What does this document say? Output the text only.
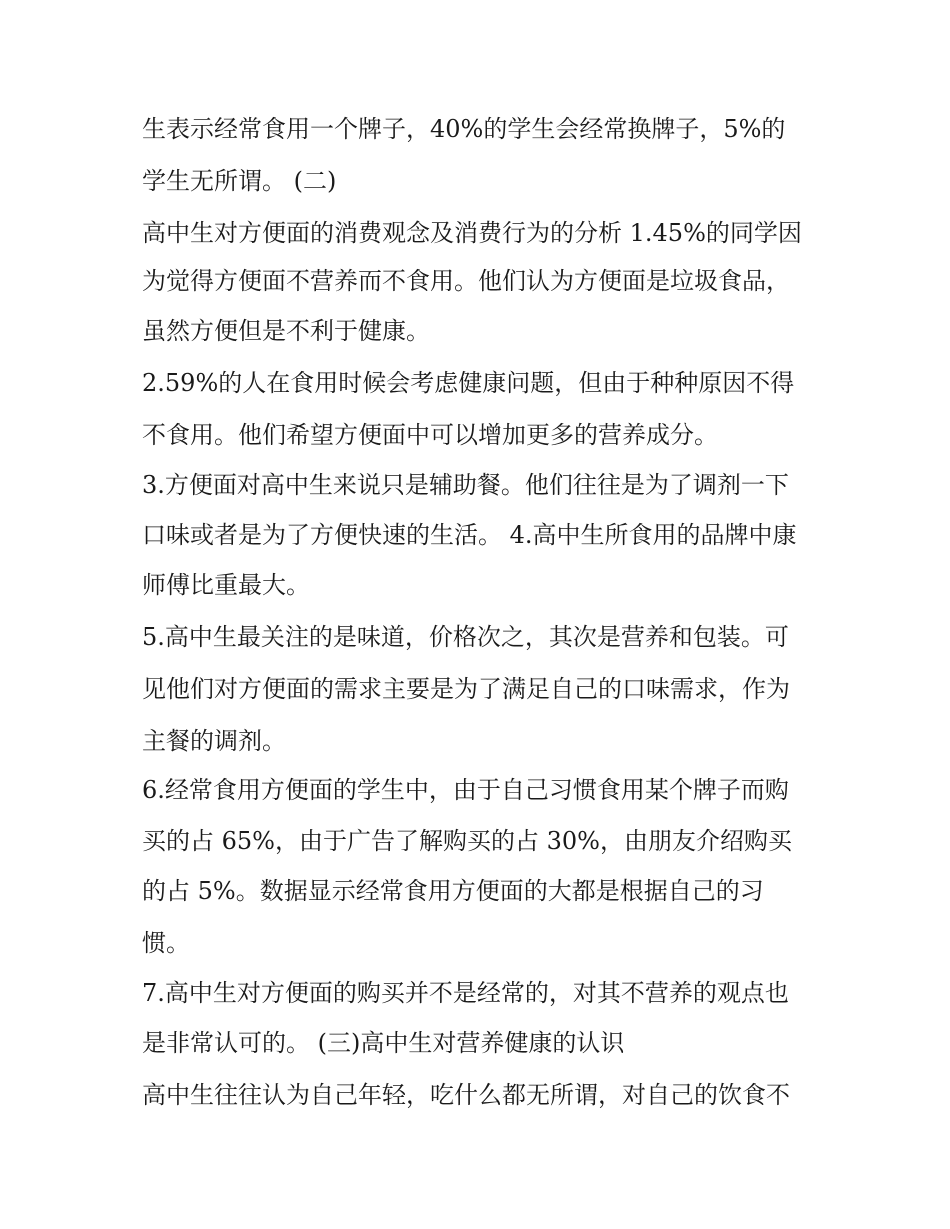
生表示经常食用一个牌子，40%的学生会经常换牌子，5%的
学生无所谓。 (二)
高中生对方便面的消费观念及消费行为的分析 1.45%的同学因
为觉得方便面不营养而不食用。他们认为方便面是垃圾食品，
虽然方便但是不利于健康。
2.59%的人在食用时候会考虑健康问题，但由于种种原因不得
不食用。他们希望方便面中可以增加更多的营养成分。
3.方便面对高中生来说只是辅助餐。他们往往是为了调剂一下
口味或者是为了方便快速的生活。 4.高中生所食用的品牌中康
师傅比重最大。
5.高中生最关注的是味道，价格次之，其次是营养和包装。可
见他们对方便面的需求主要是为了满足自己的口味需求，作为
主餐的调剂。
6.经常食用方便面的学生中，由于自己习惯食用某个牌子而购
买的占 65%，由于广告了解购买的占 30%，由朋友介绍购买
的占 5%。数据显示经常食用方便面的大都是根据自己的习
惯。
7.高中生对方便面的购买并不是经常的，对其不营养的观点也
是非常认可的。 (三)高中生对营养健康的认识
高中生往往认为自己年轻，吃什么都无所谓，对自己的饮食不
